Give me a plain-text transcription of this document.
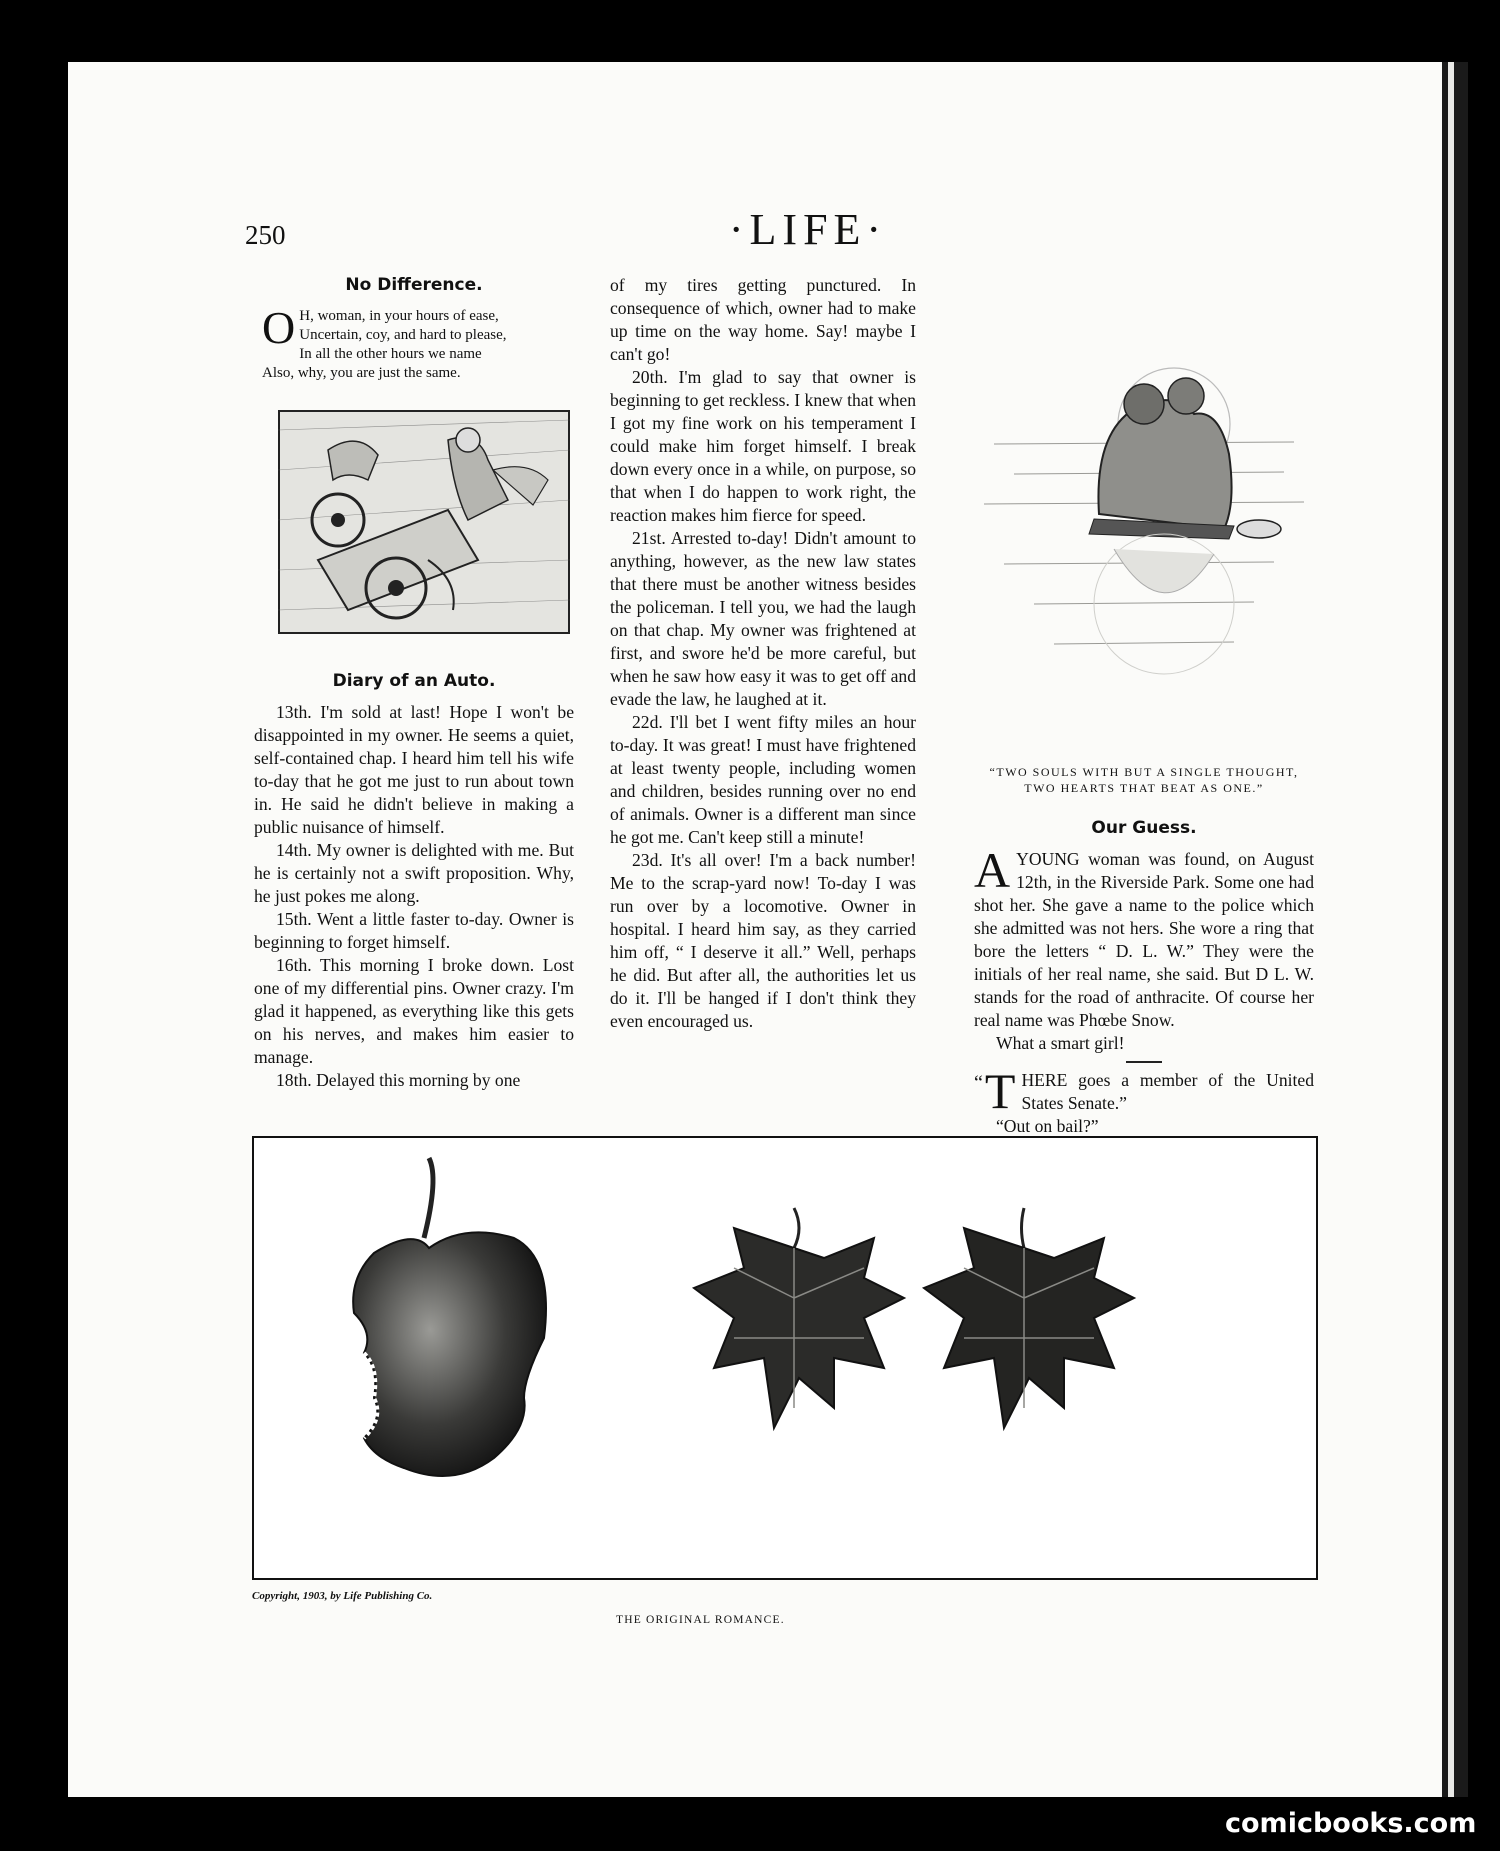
250	·LIFE·

No Difference.

O H, woman, in your hours of ease,
Uncertain, coy, and hard to please,
In all the other hours we name
Also, why, you are just the same.

Diary of an Auto.

13th. I'm sold at last! Hope I won't be disappointed in my owner. He seems a quiet, self-contained chap. I heard him tell his wife to-day that he got me just to run about town in. He said he didn't believe in making a public nuisance of himself.

14th. My owner is delighted with me. But he is certainly not a swift proposition. Why, he just pokes me along.

15th. Went a little faster to-day. Owner is beginning to forget himself.

16th. This morning I broke down. Lost one of my differential pins. Owner crazy. I'm glad it happened, as everything like this gets on his nerves, and makes him easier to manage.

18th. Delayed this morning by one

of my tires getting punctured. In consequence of which, owner had to make up time on the way home. Say! maybe I can't go!

20th. I'm glad to say that owner is beginning to get reckless. I knew that when I got my fine work on his temperament I could make him forget himself. I break down every once in a while, on purpose, so that when I do happen to work right, the reaction makes him fierce for speed.

21st. Arrested to-day! Didn't amount to anything, however, as the new law states that there must be another witness besides the policeman. I tell you, we had the laugh on that chap. My owner was frightened at first, and swore he'd be more careful, but when he saw how easy it was to get off and evade the law, he laughed at it.

22d. I'll bet I went fifty miles an hour to-day. It was great! I must have frightened at least twenty people, including women and children, besides running over no end of animals. Owner is a different man since he got me. Can't keep still a minute!

23d. It's all over! I'm a back number! Me to the scrap-yard now! To-day I was run over by a locomotive. Owner in hospital. I heard him say, as they carried him off, “ I deserve it all.” Well, perhaps he did. But after all, the authorities let us do it. I'll be hanged if I don't think they even encouraged us.

“TWO SOULS WITH BUT A SINGLE THOUGHT, TWO HEARTS THAT BEAT AS ONE.”

Our Guess.

A YOUNG woman was found, on August 12th, in the Riverside Park. Some one had shot her. She gave a name to the police which she admitted was not hers. She wore a ring that bore the letters “ D. L. W.” They were the initials of her real name, she said. But D L. W. stands for the road of anthracite. Of course her real name was Phœbe Snow.

What a smart girl!

“ T HERE goes a member of the United States Senate.”

“Out on bail?”

Copyright, 1903, by Life Publishing Co.
THE ORIGINAL ROMANCE.
comicbooks.com
